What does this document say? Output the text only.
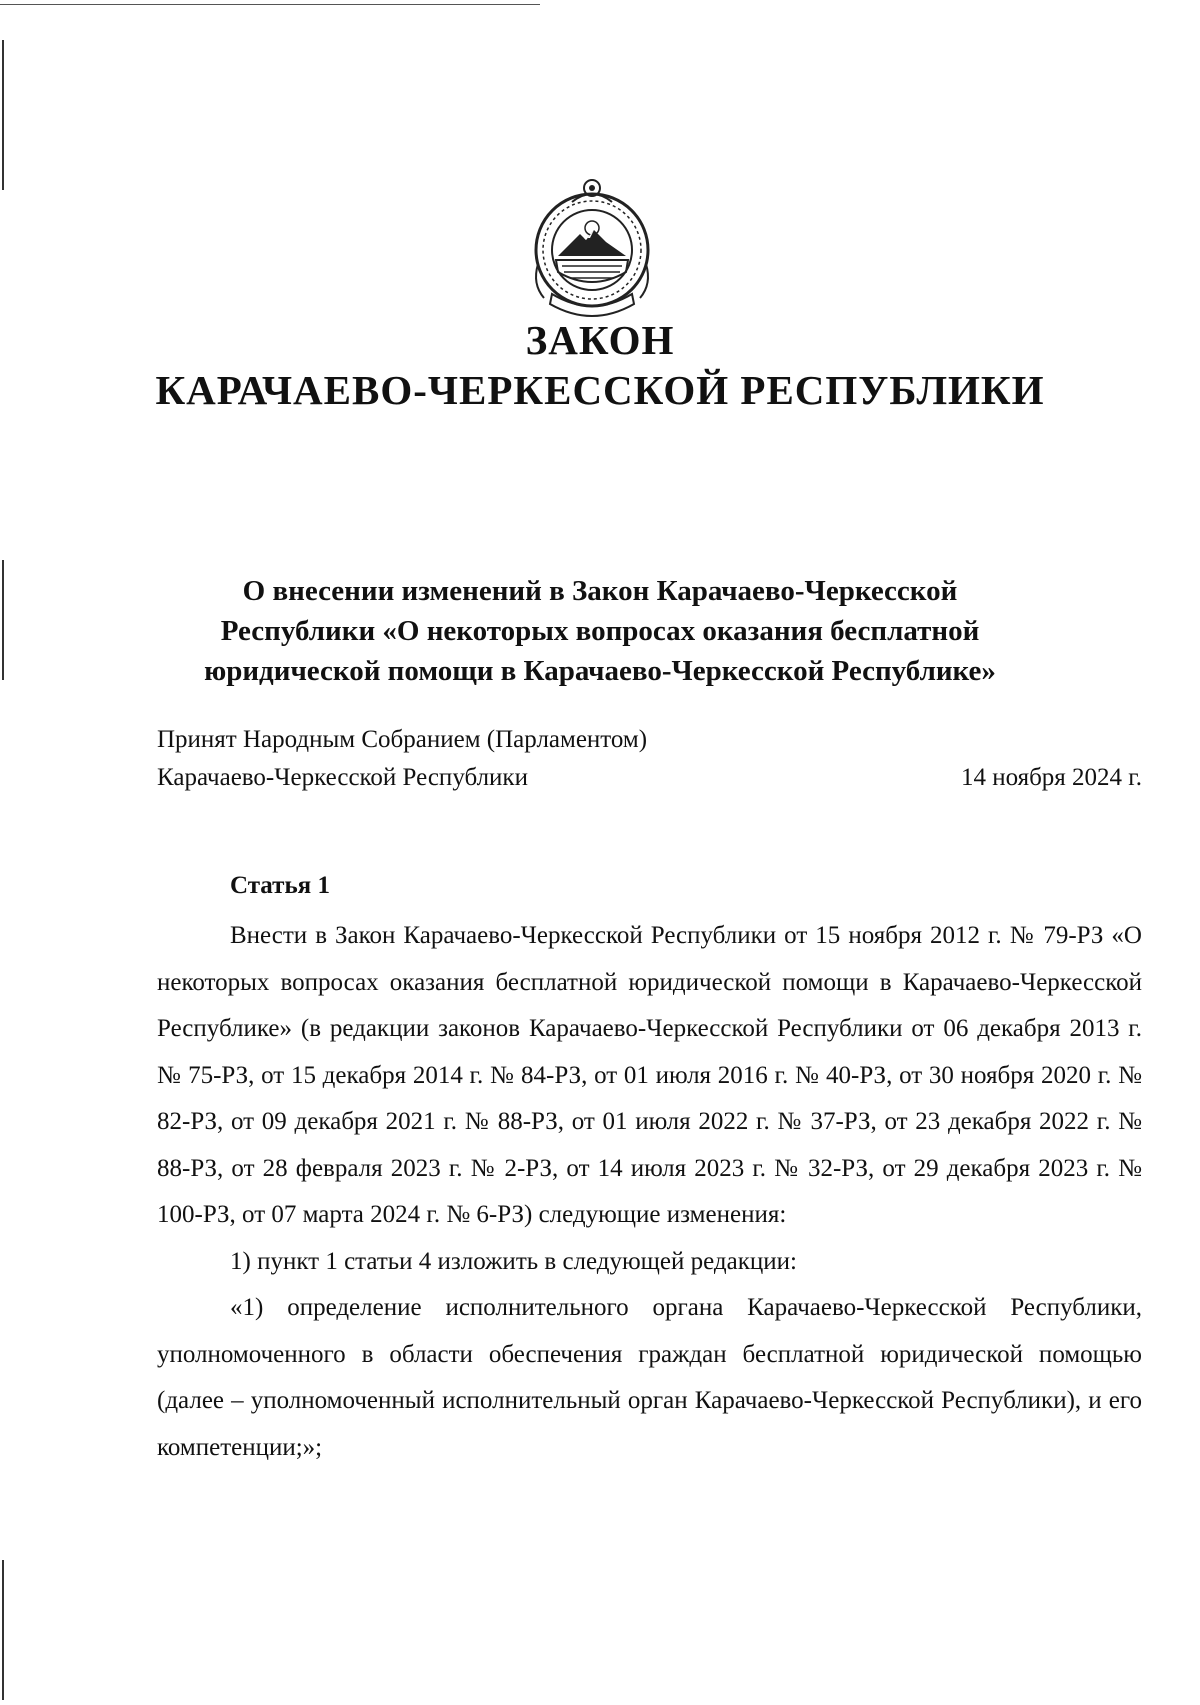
ЗАКОН
КАРАЧАЕВО-ЧЕРКЕССКОЙ РЕСПУБЛИКИ
О внесении изменений в Закон Карачаево-Черкесской
Республики «О некоторых вопросах оказания бесплатной
юридической помощи в Карачаево-Черкесской Республике»
Принят Народным Собранием (Парламентом)
Карачаево-Черкесской Республики	14 ноября 2024 г.
Статья 1

Внести в Закон Карачаево-Черкесской Республики от 15 ноября 2012 г. № 79-РЗ «О некоторых вопросах оказания бесплатной юридической помощи в Карачаево-Черкесской Республике» (в редакции законов Карачаево-Черкесской Республики от 06 декабря 2013 г. № 75-РЗ, от 15 декабря 2014 г. № 84-РЗ, от 01 июля 2016 г. № 40-РЗ, от 30 ноября 2020 г. № 82-РЗ, от 09 декабря 2021 г. № 88-РЗ, от 01 июля 2022 г. № 37-РЗ, от 23 декабря 2022 г. № 88-РЗ, от 28 февраля 2023 г. № 2-РЗ, от 14 июля 2023 г. № 32-РЗ, от 29 декабря 2023 г. № 100-РЗ, от 07 марта 2024 г. № 6-РЗ) следующие изменения:

1) пункт 1 статьи 4 изложить в следующей редакции:

«1) определение исполнительного органа Карачаево-Черкесской Республики, уполномоченного в области обеспечения граждан бесплатной юридической помощью (далее – уполномоченный исполнительный орган Карачаево-Черкесской Республики), и его компетенции;»;
